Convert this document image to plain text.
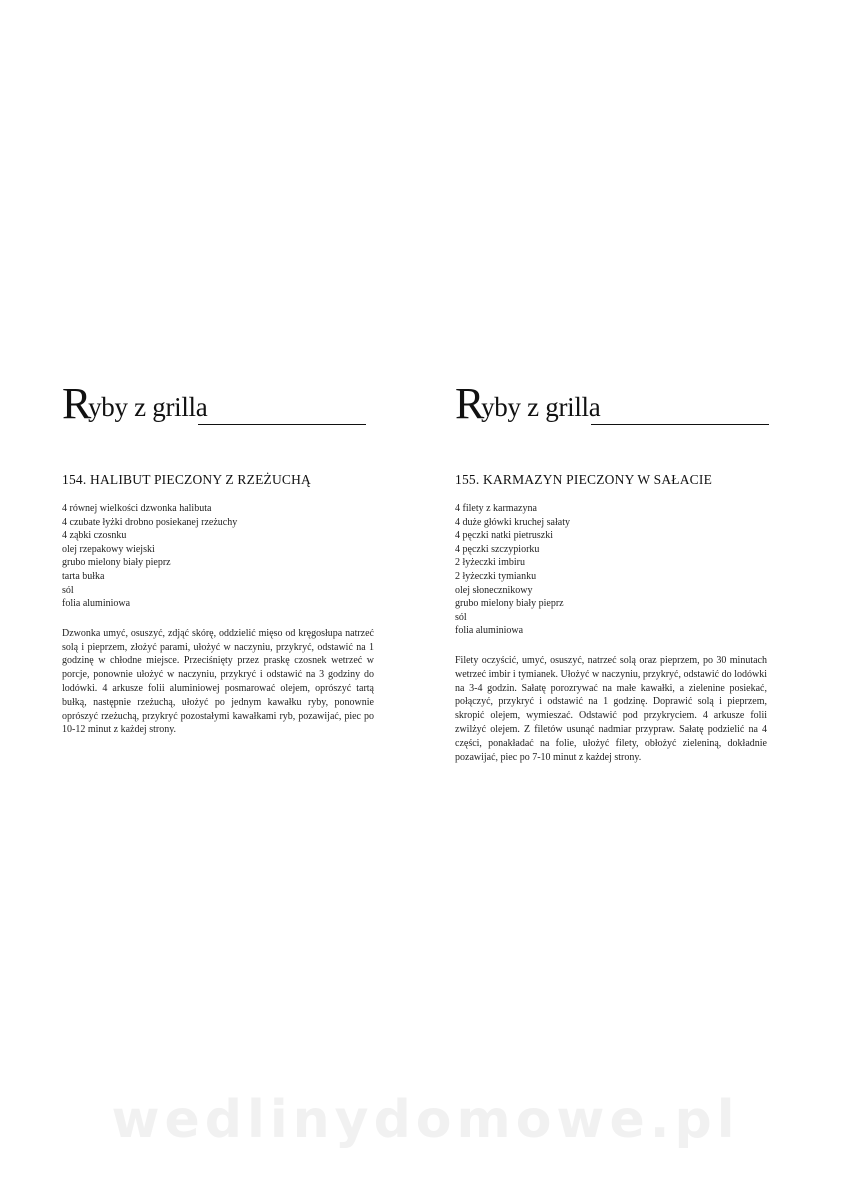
Ryby z grilla
154. HALIBUT PIECZONY Z RZEŻUCHĄ
4 równej wielkości dzwonka halibuta
4 czubate łyżki drobno posiekanej rzeżuchy
4 ząbki czosnku
olej rzepakowy wiejski
grubo mielony biały pieprz
tarta bułka
sól
folia aluminiowa

Dzwonka umyć, osuszyć, zdjąć skórę, oddzielić mięso od kręgosłupa natrzeć solą i pieprzem, złożyć parami, ułożyć w naczyniu, przykryć, odstawić na 1 godzinę w chłodne miejsce. Przeciśnięty przez praskę czosnek wetrzeć w porcje, ponownie ułożyć w naczyniu, przykryć i odstawić na 3 godziny do lodówki. 4 arkusze folii aluminiowej posmarować olejem, oprószyć tartą bułką, następnie rzeżuchą, ułożyć po jednym kawałku ryby, ponownie oprószyć rzeżuchą, przykryć pozostałymi kawałkami ryb, pozawijać, piec po 10-12 minut z każdej strony.

Ryby z grilla
155. KARMAZYN PIECZONY W SAŁACIE
4 filety z karmazyna
4 duże główki kruchej sałaty
4 pęczki natki pietruszki
4 pęczki szczypiorku
2 łyżeczki imbiru
2 łyżeczki tymianku
olej słonecznikowy
grubo mielony biały pieprz
sól
folia aluminiowa

Filety oczyścić, umyć, osuszyć, natrzeć solą oraz pieprzem, po 30 minutach wetrzeć imbir i tymianek. Ułożyć w naczyniu, przykryć, odstawić do lodówki na 3-4 godzin. Sałatę porozrywać na małe kawałki, a zielenine posiekać, połączyć, przykryć i odstawić na 1 godzinę. Doprawić solą i pieprzem, skropić olejem, wymieszać. Odstawić pod przykryciem. 4 arkusze folii zwilżyć olejem. Z filetów usunąć nadmiar przypraw. Sałatę podzielić na 4 części, ponakładać na folie, ułożyć filety, obłożyć zieleniną, dokładnie pozawijać, piec po 7-10 minut z każdej strony.

wedlinydomowe.pl
